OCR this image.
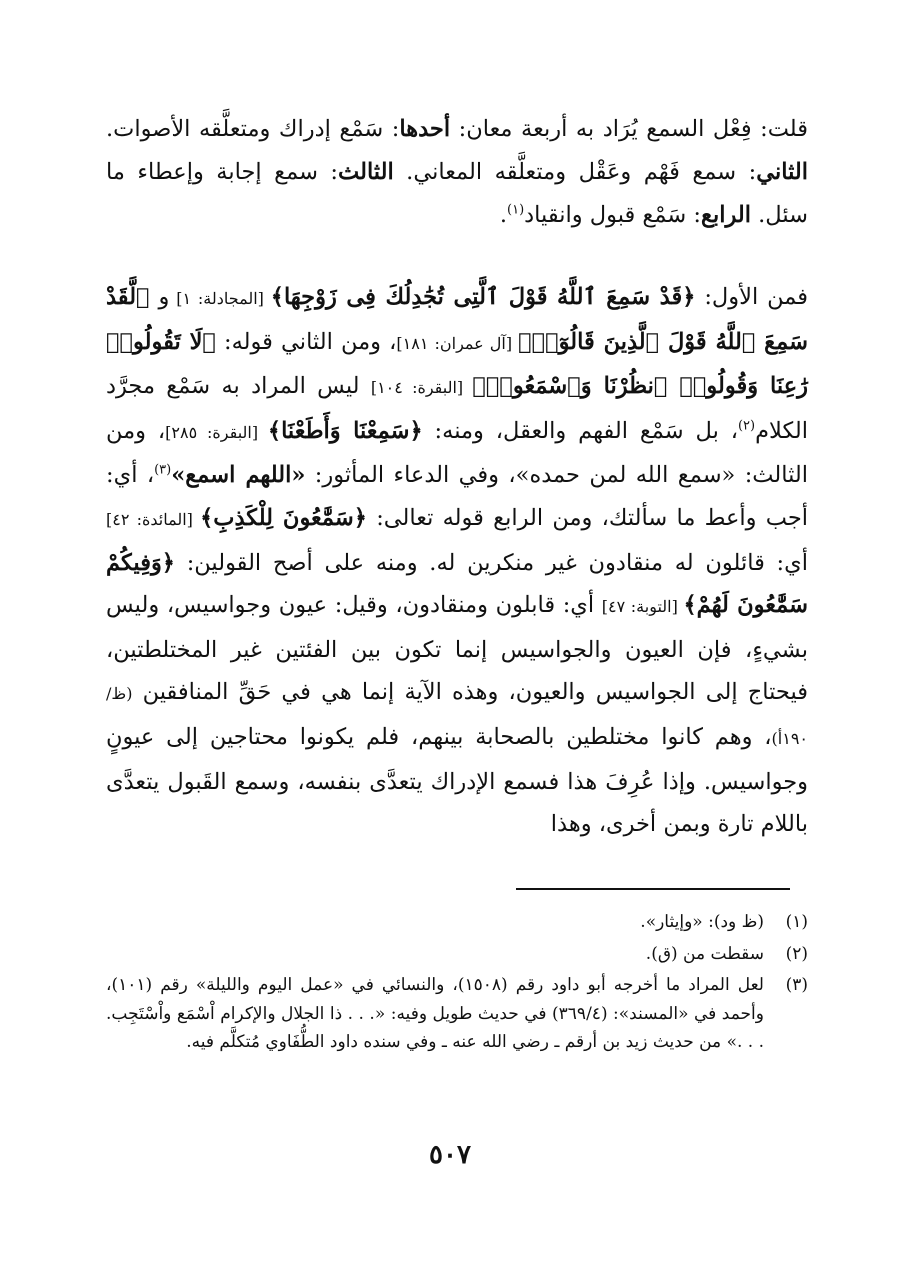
قلت: فِعْل السمع يُرَاد به أربعة معان: أحدها: سَمْع إدراك ومتعلَّقه الأصوات. الثاني: سمع فَهْم وعَقْل ومتعلَّقه المعاني. الثالث: سمع إجابة وإعطاء ما سئل. الرابع: سَمْع قبول وانقياد$^{(١)}$.

فمن الأول: ﴿قَدْ سَمِعَ ٱللَّهُ قَوْلَ ٱلَّتِى تُجَٰدِلُكَ فِى زَوْجِهَا﴾ [المجادلة: ١] و ﴿لَّقَدْ سَمِعَ ٱللَّهُ قَوْلَ ٱلَّذِينَ قَالُوٓا۟﴾ [آل عمران: ١٨١]، ومن الثاني قوله: ﴿لَا تَقُولُوا۟ رَٰعِنَا وَقُولُوا۟ ٱنظُرْنَا وَٱسْمَعُوا۟﴾ [البقرة: ١٠٤] ليس المراد به سَمْع مجرَّد الكلام$^{(٢)}$، بل سَمْع الفهم والعقل، ومنه: ﴿سَمِعْنَا وَأَطَعْنَا﴾ [البقرة: ٢٨٥]، ومن الثالث: «سمع الله لمن حمده»، وفي الدعاء المأثور: «اللهم اسمع»$^{(٣)}$، أي: أجب وأعط ما سألتك، ومن الرابع قوله تعالى: ﴿سَمَّٰعُونَ لِلْكَذِبِ﴾ [المائدة: ٤٢] أي: قائلون له منقادون غير منكرين له. ومنه على أصح القولين: ﴿وَفِيكُمْ سَمَّٰعُونَ لَهُمْ﴾ [التوبة: ٤٧] أي: قابلون ومنقادون، وقيل: عيون وجواسيس، وليس بشيءٍ، فإن العيون والجواسيس إنما تكون بين الفئتين غير المختلطتين، فيحتاج إلى الجواسيس والعيون، وهذه الآية إنما هي في حَقِّ المنافقين (ظ/١٩٠أ)، وهم كانوا مختلطين بالصحابة بينهم، فلم يكونوا محتاجين إلى عيونٍ وجواسيس. وإذا عُرِفَ هذا فسمع الإدراك يتعدَّى بنفسه، وسمع القَبول يتعدَّى باللام تارة وبمن أخرى، وهذا

(١)
(ظ ود): «وإيثار».
(٢)
سقطت من (ق).
(٣)
لعل المراد ما أخرجه أبو داود رقم (١٥٠٨)، والنسائي في «عمل اليوم والليلة» رقم (١٠١)، وأحمد في «المسند»: (٣٦٩/٤) في حديث طويل وفيه: «. . . ذا الجلال والإكرام اْسْمَع واْسْتَجِب. . . .» من حديث زيد بن أرقم ـ رضي الله عنه ـ وفي سنده داود الطُّفَاوي مُتكلَّم فيه.
٥٠٧
